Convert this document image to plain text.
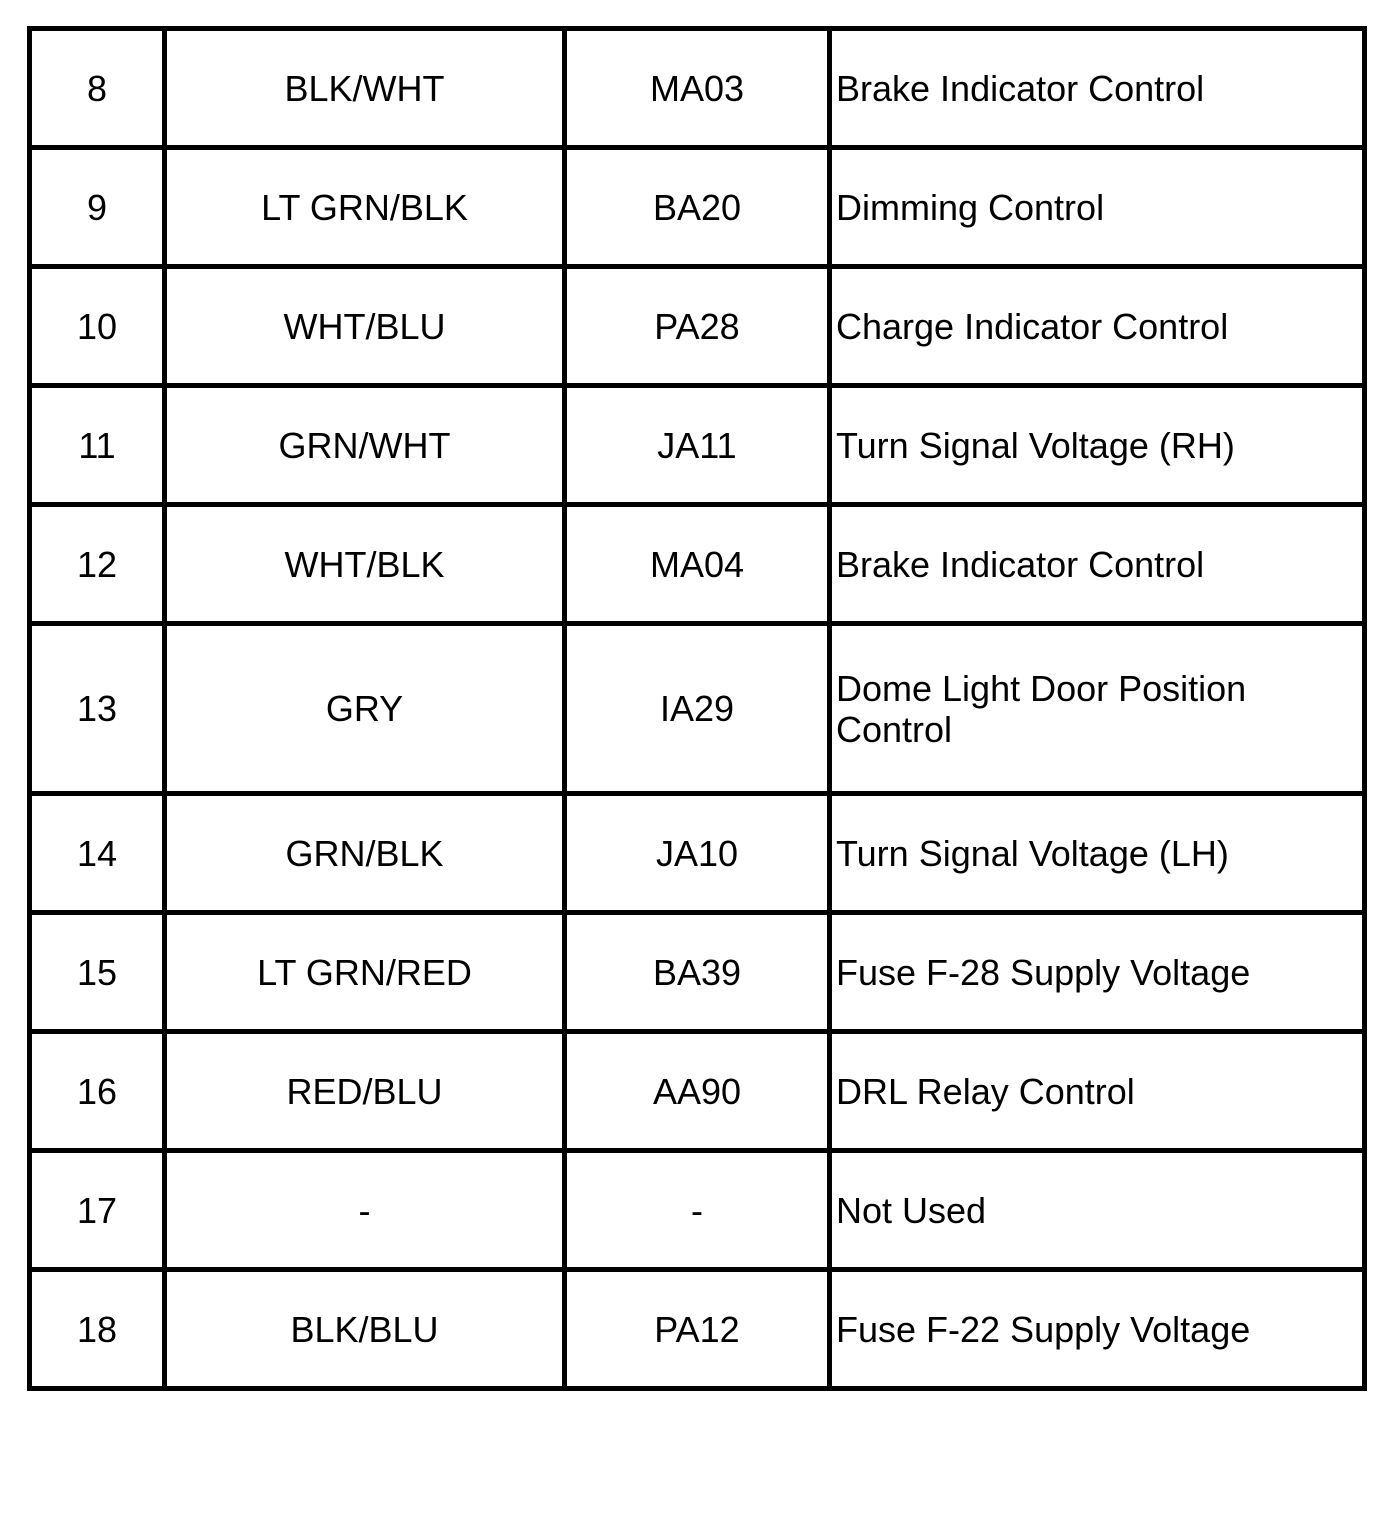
8	BLK/WHT	MA03	Brake Indicator Control
9	LT GRN/BLK	BA20	Dimming Control
10	WHT/BLU	PA28	Charge Indicator Control
11	GRN/WHT	JA11	Turn Signal Voltage (RH)
12	WHT/BLK	MA04	Brake Indicator Control
13	GRY	IA29	Dome Light Door Position Control
14	GRN/BLK	JA10	Turn Signal Voltage (LH)
15	LT GRN/RED	BA39	Fuse F-28 Supply Voltage
16	RED/BLU	AA90	DRL Relay Control
17	-	-	Not Used
18	BLK/BLU	PA12	Fuse F-22 Supply Voltage
